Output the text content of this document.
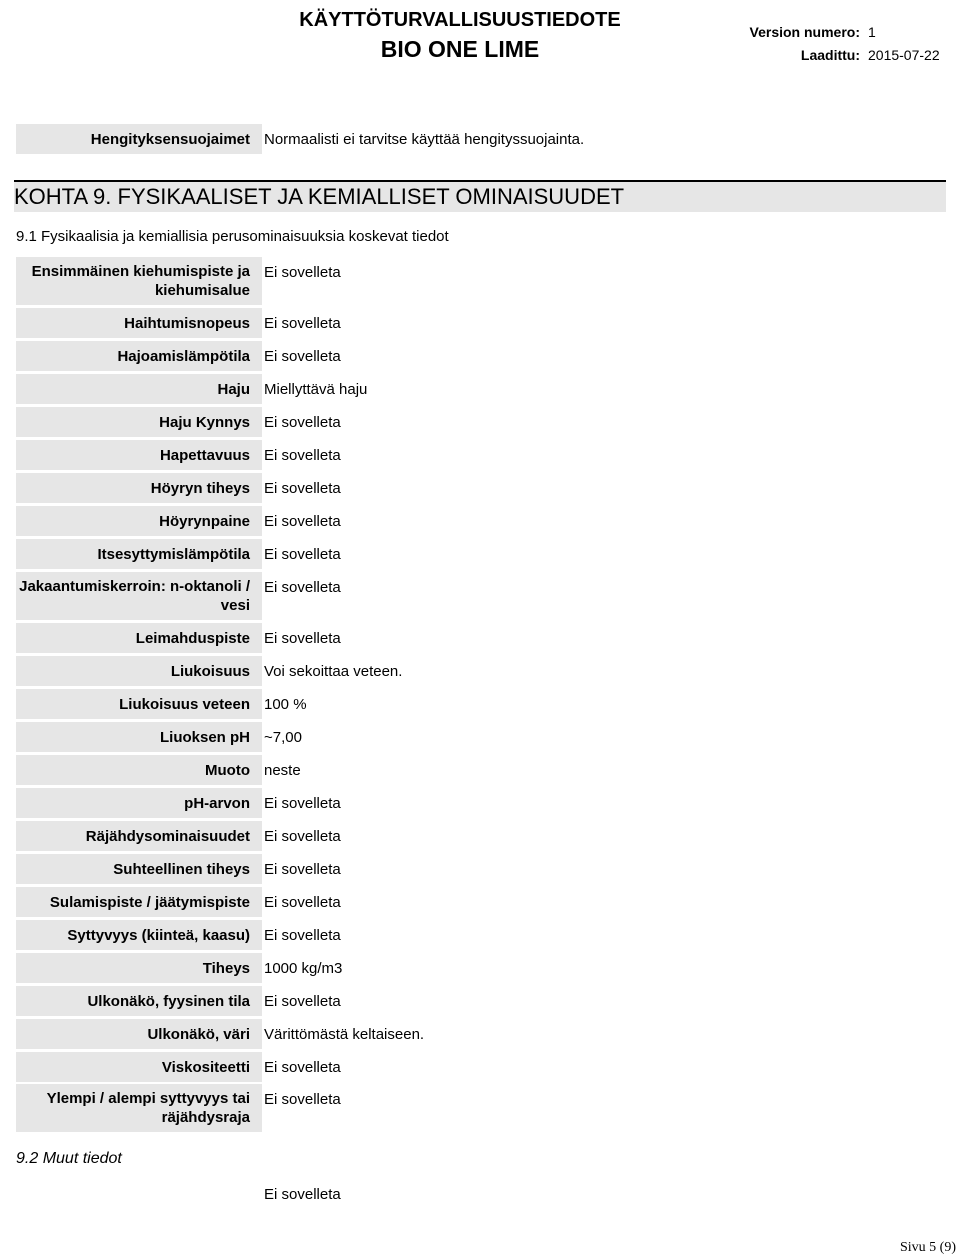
KÄYTTÖTURVALLISUUSTIEDOTE
BIO ONE LIME
Version numero: 1
Laadittu: 2015-07-22
Hengityksensuojaimet Normaalisti ei tarvitse käyttää hengityssuojainta.
KOHTA 9. FYSIKAALISET JA KEMIALLISET OMINAISUUDET
9.1 Fysikaalisia ja kemiallisia perusominaisuuksia koskevat tiedot
Ensimmäinen kiehumispiste ja kiehumisalue
Ei sovelleta
Haihtumisnopeus Ei sovelleta
Hajoamislämpötila Ei sovelleta
Haju Miellyttävä haju
Haju Kynnys Ei sovelleta
Hapettavuus Ei sovelleta
Höyryn tiheys Ei sovelleta
Höyrynpaine Ei sovelleta
Itsesyttymislämpötila Ei sovelleta
Jakaantumiskerroin: n-oktanoli / vesi
Ei sovelleta
Leimahduspiste Ei sovelleta
Liukoisuus Voi sekoittaa veteen.
Liukoisuus veteen 100 %
Liuoksen pH ~7,00
Muoto neste
pH-arvon Ei sovelleta
Räjähdysominaisuudet Ei sovelleta
Suhteellinen tiheys Ei sovelleta
Sulamispiste / jäätymispiste Ei sovelleta
Syttyvyys (kiinteä, kaasu) Ei sovelleta
Tiheys 1000 kg/m3
Ulkonäkö, fyysinen tila Ei sovelleta
Ulkonäkö, väri Värittömästä keltaiseen.
Viskositeetti Ei sovelleta
Ylempi / alempi syttyvyys tai räjähdysraja
Ei sovelleta
9.2 Muut tiedot
Ei sovelleta
Sivu 5 (9)
